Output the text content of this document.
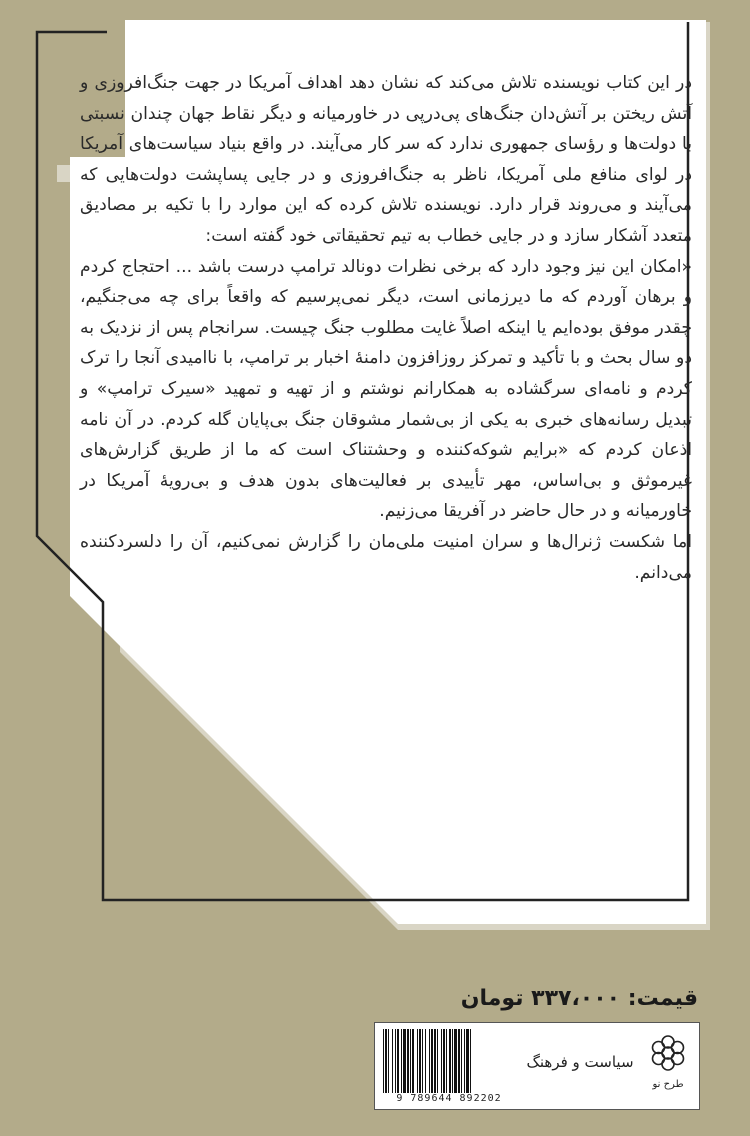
در این کتاب نویسنده تلاش می‌کند که نشان دهد اهداف آمریکا در جهت جنگ‌افروزی و آتش ریختن بر آتش‌دان جنگ‌های پی‌درپی در خاورمیانه و دیگر نقاط جهان چندان نسبتی با دولت‌ها و رؤسای جمهوری ندارد که سر کار می‌آیند. در واقع بنیاد سیاست‌های آمریکا در لوای منافع ملی آمریکا، ناظر به جنگ‌افروزی و در جایی پساپشت دولت‌هایی که می‌آیند و می‌روند قرار دارد. نویسنده تلاش کرده که این موارد را با تکیه بر مصادیق متعدد آشکار سازد و در جایی خطاب به تیم تحقیقاتی خود گفته است:

«امکان این نیز وجود دارد که برخی نظرات دونالد ترامپ درست باشد ... احتجاج کردم و برهان آوردم که ما دیرزمانی است، دیگر نمی‌پرسیم که واقعاً برای چه می‌جنگیم، چقدر موفق بوده‌ایم یا اینکه اصلاً غایت مطلوب جنگ چیست. سرانجام پس از نزدیک به دو سال بحث و با تأکید و تمرکز روزافزون دامنهٔ اخبار بر ترامپ، با ناامیدی آنجا را ترک کردم و نامه‌ای سرگشاده به همکارانم نوشتم و از تهیه و تمهید «سیرک ترامپ» و تبدیل رسانه‌های خبری به یکی از بی‌شمار مشوقان جنگ بی‌پایان گله کردم. در آن نامه اذعان کردم که «برایم شوکه‌کننده و وحشتناک است که ما از طریق گزارش‌های غیرموثق و بی‌اساس، مهر تأییدی بر فعالیت‌های بدون هدف و بی‌رویهٔ آمریکا در خاورمیانه و در حال حاضر در آفریقا می‌زنیم.

اما شکست ژنرال‌ها و سران امنیت ملی‌مان را گزارش نمی‌کنیم، آن را دلسردکننده می‌دانم.

قیمت: ۳۳۷،۰۰۰ تومان
9 789644 892202
سیاست و فرهنگ
طرح نو
